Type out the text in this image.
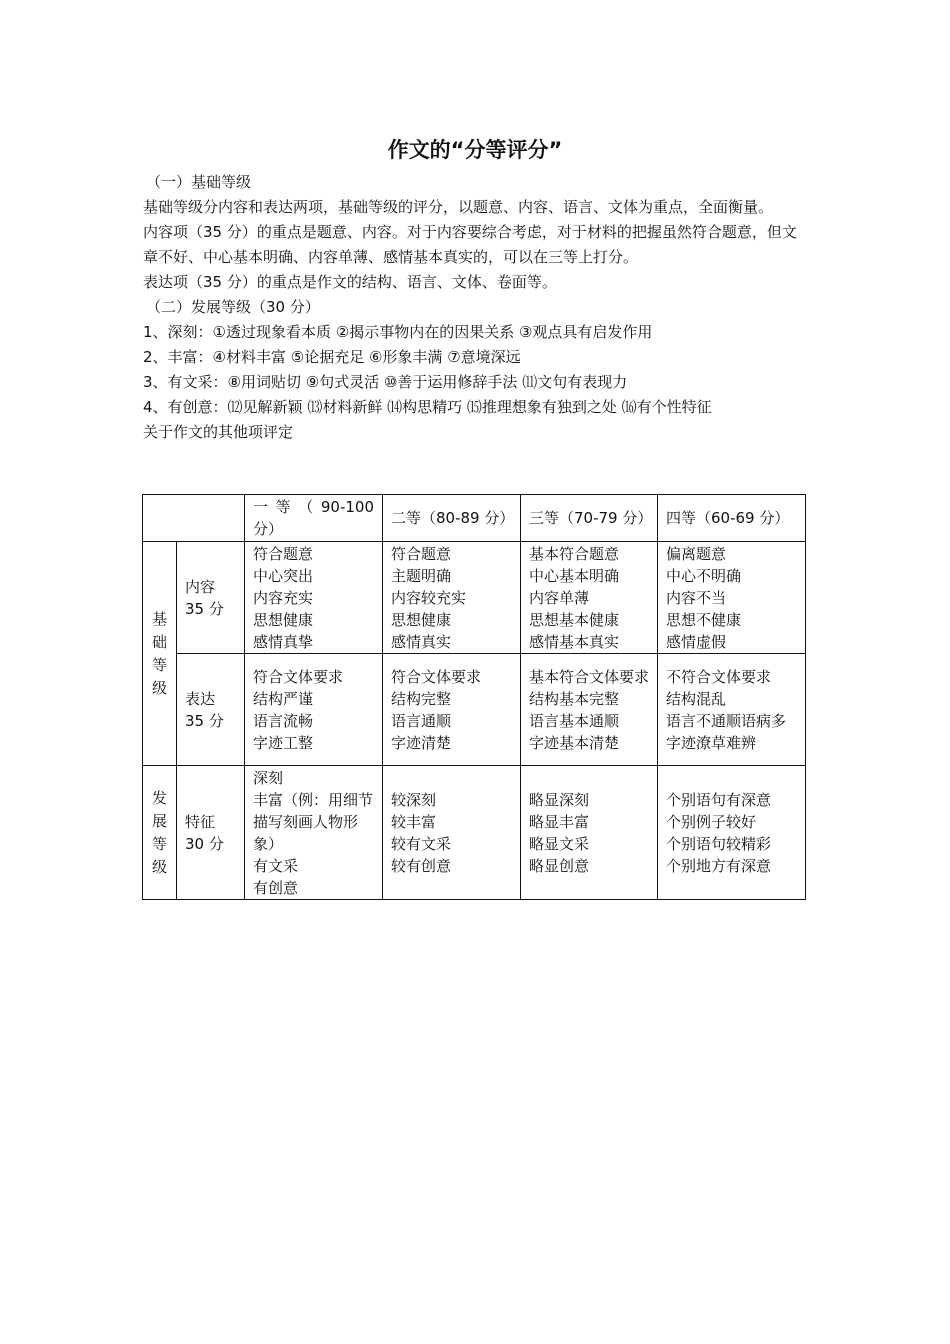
作文的“分等评分”

（一）基础等级

基础等级分内容和表达两项，基础等级的评分，以题意、内容、语言、文体为重点，全面衡量。

内容项（35 分）的重点是题意、内容。对于内容要综合考虑，对于材料的把握虽然符合题意，但文章不好、中心基本明确、内容单薄、感情基本真实的，可以在三等上打分。

表达项（35 分）的重点是作文的结构、语言、文体、卷面等。

（二）发展等级（30 分）

1、深刻：①透过现象看本质 ②揭示事物内在的因果关系 ③观点具有启发作用

2、丰富：④材料丰富 ⑤论据充足 ⑥形象丰满 ⑦意境深远

3、有文采：⑧用词贴切 ⑨句式灵活 ⑩善于运用修辞手法 ⑾文句有表现力

4、有创意：⑿见解新颖 ⒀材料新鲜 ⒁构思精巧 ⒂推理想象有独到之处 ⒃有个性特征

关于作文的其他项评定

		一等（90-100 分）	二等（80-89 分）	三等（70-79 分）	四等（60-69 分）

基础等级	内容 35 分	符合题意
中心突出
内容充实
思想健康
感情真挚	符合题意
主题明确
内容较充实
思想健康
感情真实	基本符合题意
中心基本明确
内容单薄
思想基本健康
感情基本真实	偏离题意
中心不明确
内容不当
思想不健康
感情虚假

	表达 35 分	符合文体要求
结构严谨
语言流畅
字迹工整	符合文体要求
结构完整
语言通顺
字迹清楚	基本符合文体要求
结构基本完整
语言基本通顺
字迹基本清楚	不符合文体要求
结构混乱
语言不通顺语病多
字迹潦草难辨

发展等级	特征 30 分	深刻
丰富（例：用细节描写刻画人物形象）
有文采
有创意	较深刻
较丰富
较有文采
较有创意	略显深刻
略显丰富
略显文采
略显创意	个别语句有深意
个别例子较好
个别语句较精彩
个别地方有深意
